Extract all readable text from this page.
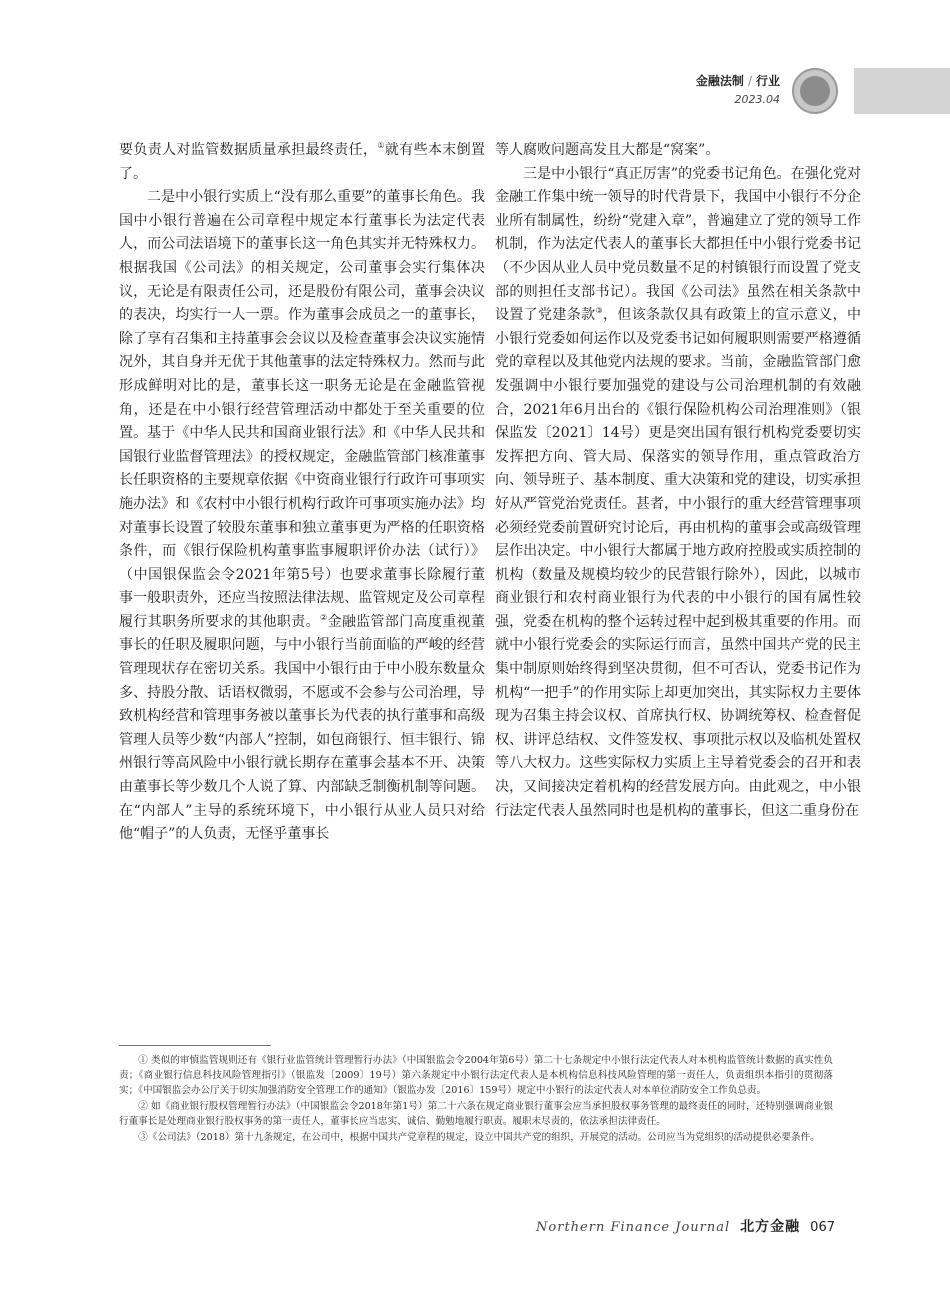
金融法制 / 行业
2023.04

要负责人对监管数据质量承担最终责任，①就有些本末倒置了。

二是中小银行实质上“没有那么重要”的董事长角色。我国中小银行普遍在公司章程中规定本行董事长为法定代表人，而公司法语境下的董事长这一角色其实并无特殊权力。根据我国《公司法》的相关规定，公司董事会实行集体决议，无论是有限责任公司，还是股份有限公司，董事会决议的表决，均实行一人一票。作为董事会成员之一的董事长，除了享有召集和主持董事会会议以及检查董事会决议实施情况外，其自身并无优于其他董事的法定特殊权力。然而与此形成鲜明对比的是，董事长这一职务无论是在金融监管视角，还是在中小银行经营管理活动中都处于至关重要的位置。基于《中华人民共和国商业银行法》和《中华人民共和国银行业监督管理法》的授权规定，金融监管部门核准董事长任职资格的主要规章依据《中资商业银行行政许可事项实施办法》和《农村中小银行机构行政许可事项实施办法》均对董事长设置了较股东董事和独立董事更为严格的任职资格条件，而《银行保险机构董事监事履职评价办法（试行）》（中国银保监会令2021年第5号）也要求董事长除履行董事一般职责外，还应当按照法律法规、监管规定及公司章程履行其职务所要求的其他职责。②金融监管部门高度重视董事长的任职及履职问题，与中小银行当前面临的严峻的经营管理现状存在密切关系。我国中小银行由于中小股东数量众多、持股分散、话语权微弱，不愿或不会参与公司治理，导致机构经营和管理事务被以董事长为代表的执行董事和高级管理人员等少数“内部人”控制，如包商银行、恒丰银行、锦州银行等高风险中小银行就长期存在董事会基本不开、决策由董事长等少数几个人说了算、内部缺乏制衡机制等问题。在“内部人”主导的系统环境下，中小银行从业人员只对给他“帽子”的人负责，无怪乎董事长

等人腐败问题高发且大都是“窝案”。

三是中小银行“真正厉害”的党委书记角色。在强化党对金融工作集中统一领导的时代背景下，我国中小银行不分企业所有制属性，纷纷“党建入章”，普遍建立了党的领导工作机制，作为法定代表人的董事长大都担任中小银行党委书记（不少因从业人员中党员数量不足的村镇银行而设置了党支部的则担任支部书记）。我国《公司法》虽然在相关条款中设置了党建条款③，但该条款仅具有政策上的宣示意义，中小银行党委如何运作以及党委书记如何履职则需要严格遵循党的章程以及其他党内法规的要求。当前，金融监管部门愈发强调中小银行要加强党的建设与公司治理机制的有效融合，2021年6月出台的《银行保险机构公司治理准则》（银保监发〔2021〕14号）更是突出国有银行机构党委要切实发挥把方向、管大局、保落实的领导作用，重点管政治方向、领导班子、基本制度、重大决策和党的建设，切实承担好从严管党治党责任。甚者，中小银行的重大经营管理事项必须经党委前置研究讨论后，再由机构的董事会或高级管理层作出决定。中小银行大都属于地方政府控股或实质控制的机构（数量及规模均较少的民营银行除外），因此，以城市商业银行和农村商业银行为代表的中小银行的国有属性较强，党委在机构的整个运转过程中起到极其重要的作用。而就中小银行党委会的实际运行而言，虽然中国共产党的民主集中制原则始终得到坚决贯彻，但不可否认，党委书记作为机构“一把手”的作用实际上却更加突出，其实际权力主要体现为召集主持会议权、首席执行权、协调统筹权、检查督促权、讲评总结权、文件签发权、事项批示权以及临机处置权等八大权力。这些实际权力实质上主导着党委会的召开和表决，又间接决定着机构的经营发展方向。由此观之，中小银行法定代表人虽然同时也是机构的董事长，但这二重身份在

① 类似的审慎监管规则还有《银行业监管统计管理暂行办法》（中国银监会令2004年第6号）第二十七条规定中小银行法定代表人对本机构监管统计数据的真实性负责；《商业银行信息科技风险管理指引》（银监发〔2009〕19号）第六条规定中小银行法定代表人是本机构信息科技风险管理的第一责任人，负责组织本指引的贯彻落实；《中国银监会办公厅关于切实加强消防安全管理工作的通知》（银监办发〔2016〕159号）规定中小银行的法定代表人对本单位消防安全工作负总责。

② 如《商业银行股权管理暂行办法》（中国银监会令2018年第1号）第二十六条在规定商业银行董事会应当承担股权事务管理的最终责任的同时，还特别强调商业银行董事长是处理商业银行股权事务的第一责任人，董事长应当忠实、诚信、勤勉地履行职责。履职未尽责的，依法承担法律责任。

③《公司法》（2018）第十九条规定，在公司中，根据中国共产党章程的规定，设立中国共产党的组织，开展党的活动。公司应当为党组织的活动提供必要条件。

Northern Finance Journal 北方金融 067
